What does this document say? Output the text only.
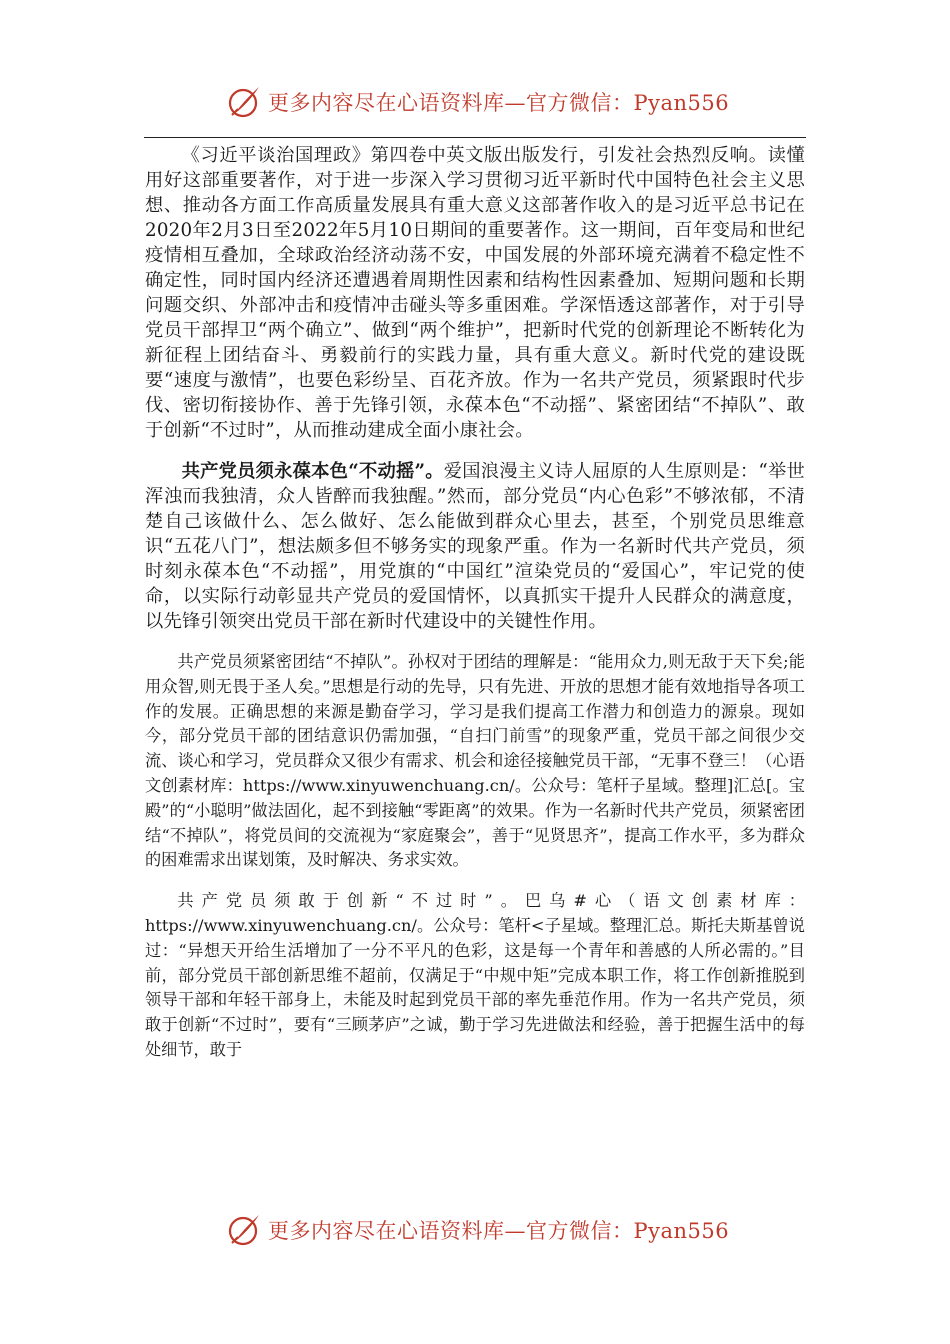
更多内容尽在心语资料库—官方微信：Pyan556

《习近平谈治国理政》第四卷中英文版出版发行，引发社会热烈反响。读懂用好这部重要著作，对于进一步深入学习贯彻习近平新时代中国特色社会主义思想、推动各方面工作高质量发展具有重大意义这部著作收入的是习近平总书记在2020年2月3日至2022年5月10日期间的重要著作。这一期间，百年变局和世纪疫情相互叠加，全球政治经济动荡不安，中国发展的外部环境充满着不稳定性不确定性，同时国内经济还遭遇着周期性因素和结构性因素叠加、短期问题和长期问题交织、外部冲击和疫情冲击碰头等多重困难。学深悟透这部著作，对于引导党员干部捍卫“两个确立”、做到“两个维护”，把新时代党的创新理论不断转化为新征程上团结奋斗、勇毅前行的实践力量，具有重大意义。新时代党的建设既要“速度与激情”，也要色彩纷呈、百花齐放。作为一名共产党员，须紧跟时代步伐、密切衔接协作、善于先锋引领，永葆本色“不动摇”、紧密团结“不掉队”、敢于创新“不过时”，从而推动建成全面小康社会。

共产党员须永葆本色“不动摇”。爱国浪漫主义诗人屈原的人生原则是：“举世浑浊而我独清，众人皆醉而我独醒。”然而，部分党员“内心色彩”不够浓郁，不清楚自己该做什么、怎么做好、怎么能做到群众心里去，甚至，个别党员思维意识“五花八门”，想法颇多但不够务实的现象严重。作为一名新时代共产党员，须时刻永葆本色“不动摇”，用党旗的“中国红”渲染党员的“爱国心”，牢记党的使命，以实际行动彰显共产党员的爱国情怀，以真抓实干提升人民群众的满意度，以先锋引领突出党员干部在新时代建设中的关键性作用。

共产党员须紧密团结“不掉队”。孙权对于团结的理解是：“能用众力,则无敌于天下矣;能用众智,则无畏于圣人矣。”思想是行动的先导，只有先进、开放的思想才能有效地指导各项工作的发展。正确思想的来源是勤奋学习，学习是我们提高工作潜力和创造力的源泉。现如今，部分党员干部的团结意识仍需加强，“自扫门前雪”的现象严重，党员干部之间很少交流、谈心和学习，党员群众又很少有需求、机会和途径接触党员干部，“无事不登三！（心语文创素材库：https://www.xinyuwenchuang.cn/。公众号：笔杆子星域。整理]汇总[。宝殿”的“小聪明”做法固化，起不到接触“零距离”的效果。作为一名新时代共产党员，须紧密团结“不掉队”，将党员间的交流视为“家庭聚会”，善于“见贤思齐”，提高工作水平，多为群众的困难需求出谋划策，及时解决、务求实效。

共产党员须敢于创新“不过时”。巴乌#心（语文创素材库：https://www.xinyuwenchuang.cn/。公众号：笔杆<子星域。整理汇总。斯托夫斯基曾说过：“异想天开给生活增加了一分不平凡的色彩，这是每一个青年和善感的人所必需的。”目前，部分党员干部创新思维不超前，仅满足于“中规中矩”完成本职工作，将工作创新推脱到领导干部和年轻干部身上，未能及时起到党员干部的率先垂范作用。作为一名共产党员，须敢于创新“不过时”，要有“三顾茅庐”之诚，勤于学习先进做法和经验，善于把握生活中的每处细节，敢于

更多内容尽在心语资料库—官方微信：Pyan556
